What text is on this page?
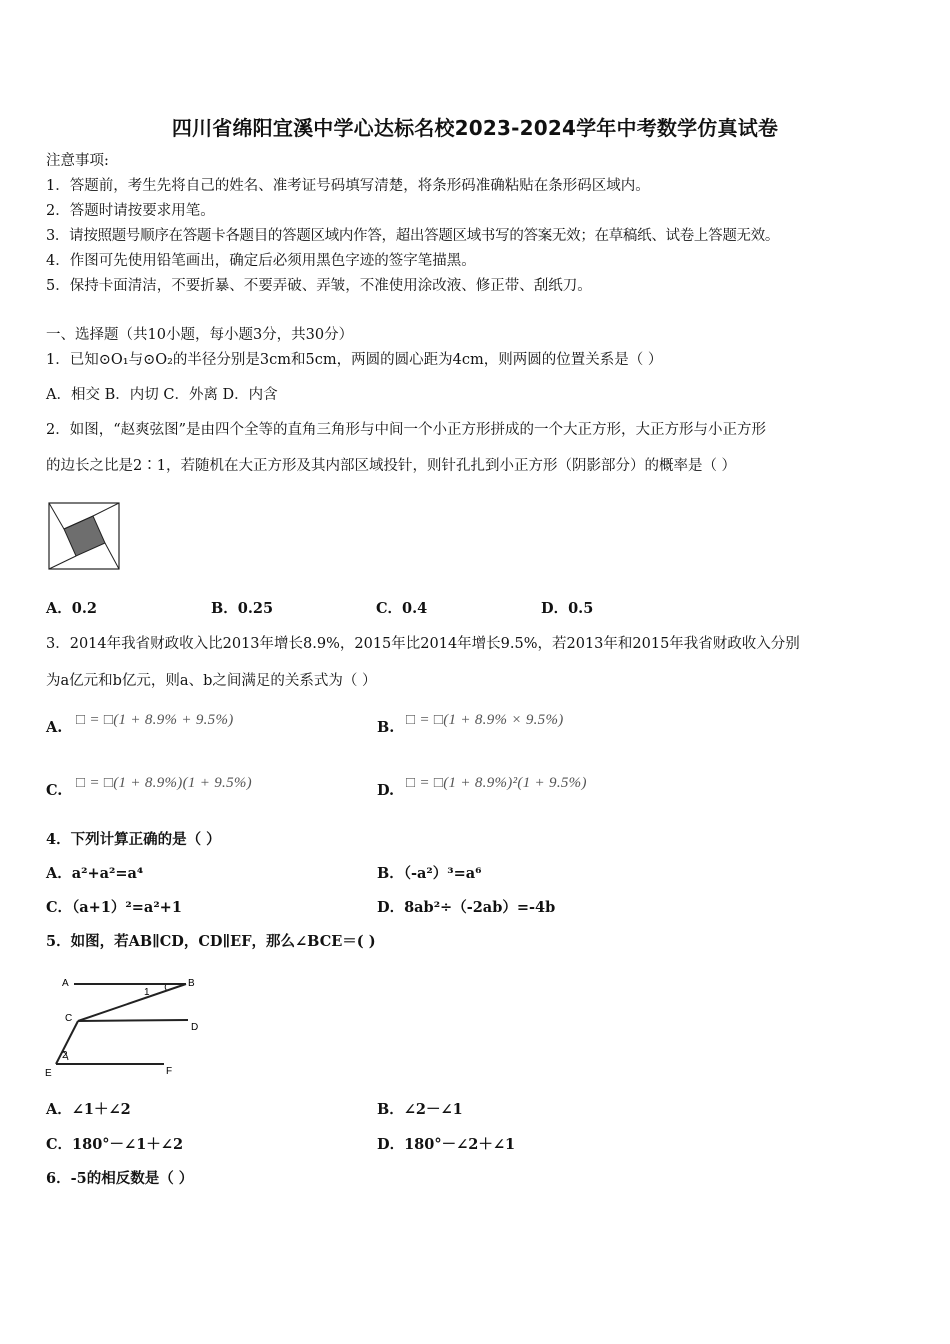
四川省绵阳宜溪中学心达标名校2023-2024学年中考数学仿真试卷
注意事项:
1．答题前，考生先将自己的姓名、准考证号码填写清楚，将条形码准确粘贴在条形码区域内。
2．答题时请按要求用笔。
3．请按照题号顺序在答题卡各题目的答题区域内作答，超出答题区域书写的答案无效；在草稿纸、试卷上答题无效。
4．作图可先使用铅笔画出，确定后必须用黑色字迹的签字笔描黑。
5．保持卡面清洁，不要折暴、不要弄破、弄皱，不准使用涂改液、修正带、刮纸刀。
一、选择题（共10小题，每小题3分，共30分）
1．已知⊙O₁与⊙O₂的半径分别是3cm和5cm，两圆的圆心距为4cm，则两圆的位置关系是（ ）
A．相交 B．内切 C．外离 D．内含
2．如图，“赵爽弦图”是由四个全等的直角三角形与中间一个小正方形拼成的一个大正方形，大正方形与小正方形
的边长之比是2∶1，若随机在大正方形及其内部区域投针，则针孔扎到小正方形（阴影部分）的概率是（ ）
A．0.2	B．0.25	C．0.4	D．0.5
3．2014年我省财政收入比2013年增长8.9%，2015年比2014年增长9.5%，若2013年和2015年我省财政收入分别
为a亿元和b亿元，则a、b之间满足的关系式为（ ）
A. □ = □(1 + 8.9% + 9.5%)	B. □ = □(1 + 8.9% × 9.5%)
C. □ = □(1 + 8.9%)(1 + 9.5%)	D. □ = □(1 + 8.9%)²(1 + 9.5%)
4．下列计算正确的是（ ）
A．a²+a²=a⁴	B．（-a²）³=a⁶
C．（a+1）²=a²+1	D．8ab²÷（-2ab）=-4b
5．如图，若AB∥CD，CD∥EF，那么∠BCE＝( )
A	B
1
C
D
2
E	F
A．∠1＋∠2	B．∠2－∠1
C．180°－∠1＋∠2	D．180°－∠2＋∠1
6．-5的相反数是（ ）
